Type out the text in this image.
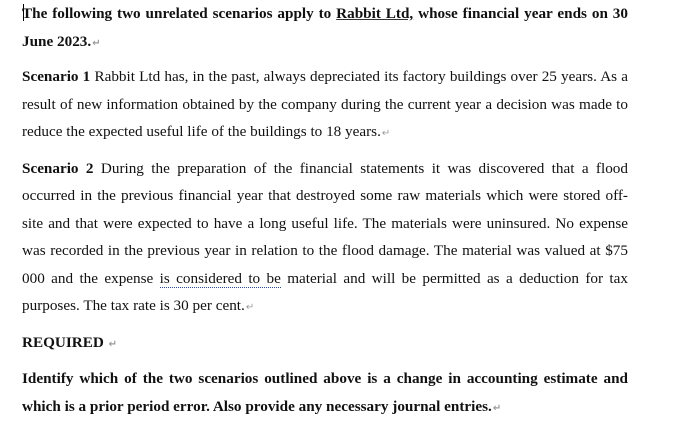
The following two unrelated scenarios apply to Rabbit Ltd, whose financial year ends on 30 June 2023.↵

Scenario 1 Rabbit Ltd has, in the past, always depreciated its factory buildings over 25 years. As a result of new information obtained by the company during the current year a decision was made to reduce the expected useful life of the buildings to 18 years.↵

Scenario 2 During the preparation of the financial statements it was discovered that a flood occurred in the previous financial year that destroyed some raw materials which were stored off-site and that were expected to have a long useful life. The materials were uninsured. No expense was recorded in the previous year in relation to the flood damage. The material was valued at $75 000 and the expense is considered to be material and will be permitted as a deduction for tax purposes. The tax rate is 30 per cent.↵

REQUIRED ↵

Identify which of the two scenarios outlined above is a change in accounting estimate and which is a prior period error. Also provide any necessary journal entries.↵
